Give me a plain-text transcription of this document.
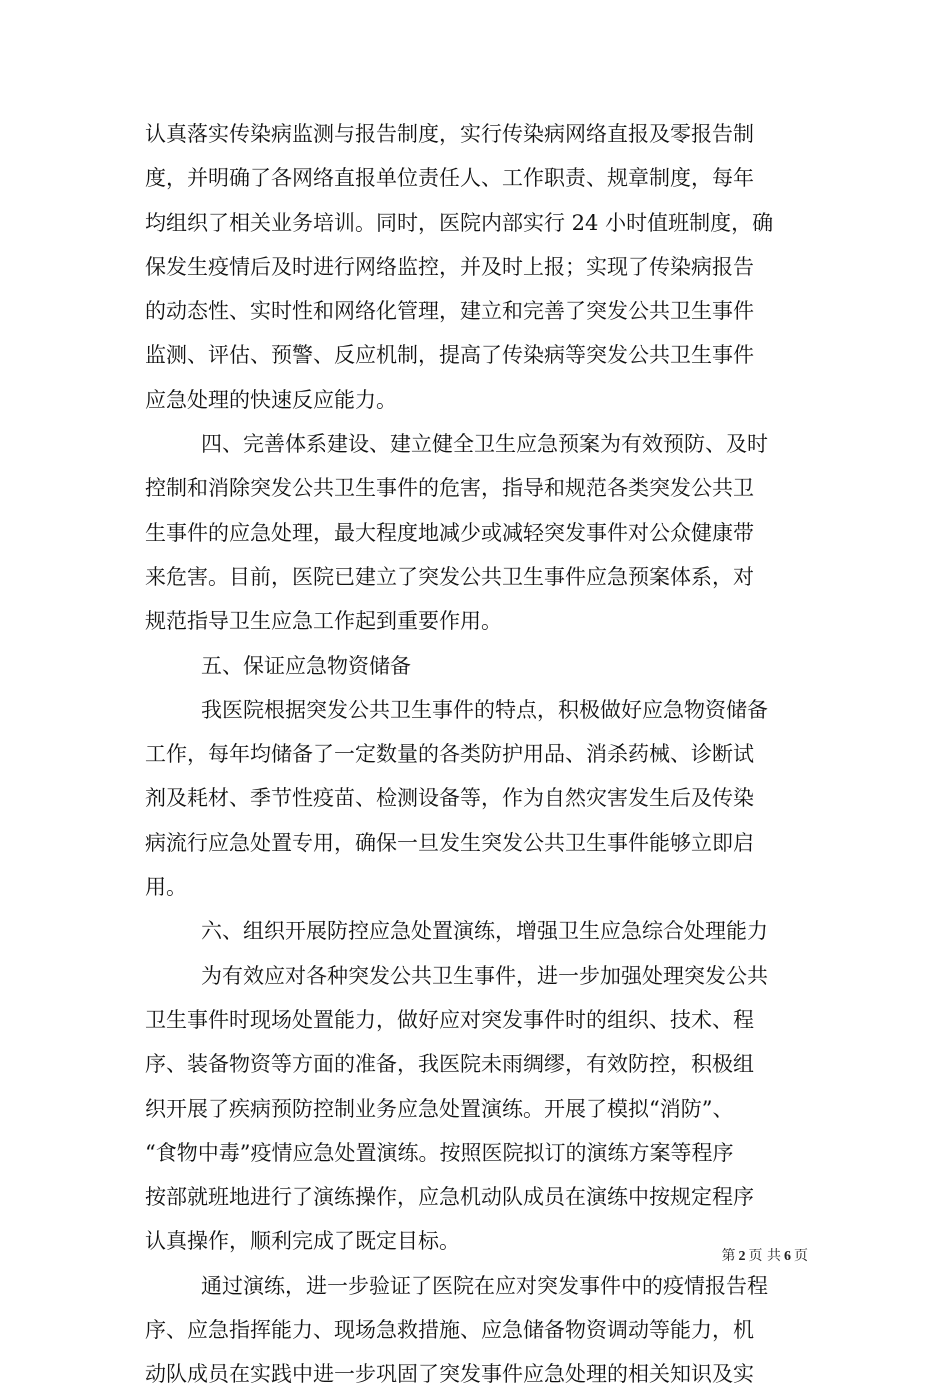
认真落实传染病监测与报告制度，实行传染病网络直报及零报告制
度，并明确了各网络直报单位责任人、工作职责、规章制度，每年
均组织了相关业务培训。同时，医院内部实行 24 小时值班制度，确
保发生疫情后及时进行网络监控，并及时上报；实现了传染病报告
的动态性、实时性和网络化管理，建立和完善了突发公共卫生事件
监测、评估、预警、反应机制，提高了传染病等突发公共卫生事件
应急处理的快速反应能力。
四、完善体系建设、建立健全卫生应急预案为有效预防、及时
控制和消除突发公共卫生事件的危害，指导和规范各类突发公共卫
生事件的应急处理，最大程度地减少或减轻突发事件对公众健康带
来危害。目前，医院已建立了突发公共卫生事件应急预案体系，对
规范指导卫生应急工作起到重要作用。
五、保证应急物资储备
我医院根据突发公共卫生事件的特点，积极做好应急物资储备
工作，每年均储备了一定数量的各类防护用品、消杀药械、诊断试
剂及耗材、季节性疫苗、检测设备等，作为自然灾害发生后及传染
病流行应急处置专用，确保一旦发生突发公共卫生事件能够立即启
用。
六、组织开展防控应急处置演练，增强卫生应急综合处理能力
为有效应对各种突发公共卫生事件，进一步加强处理突发公共
卫生事件时现场处置能力，做好应对突发事件时的组织、技术、程
序、装备物资等方面的准备，我医院未雨绸缪，有效防控，积极组
织开展了疾病预防控制业务应急处置演练。开展了模拟“消防”、
“食物中毒”疫情应急处置演练。按照医院拟订的演练方案等程序
按部就班地进行了演练操作，应急机动队成员在演练中按规定程序
认真操作，顺利完成了既定目标。
通过演练，进一步验证了医院在应对突发事件中的疫情报告程
序、应急指挥能力、现场急救措施、应急储备物资调动等能力，机
动队成员在实践中进一步巩固了突发事件应急处理的相关知识及实
第 2 页 共 6 页
